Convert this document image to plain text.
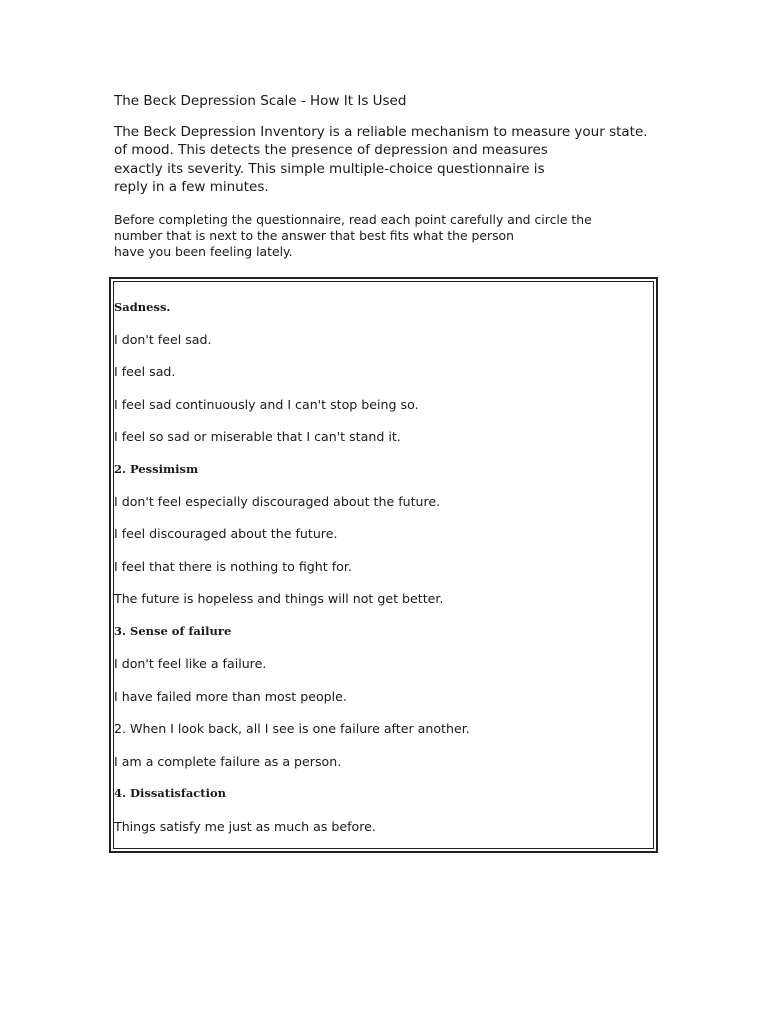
The Beck Depression Scale - How It Is Used
The Beck Depression Inventory is a reliable mechanism to measure your state.
of mood. This detects the presence of depression and measures
exactly its severity. This simple multiple-choice questionnaire is
reply in a few minutes.
Before completing the questionnaire, read each point carefully and circle the
number that is next to the answer that best fits what the person
have you been feeling lately.
Sadness.
I don't feel sad.
I feel sad.
I feel sad continuously and I can't stop being so.
I feel so sad or miserable that I can't stand it.
2. Pessimism
I don't feel especially discouraged about the future.
I feel discouraged about the future.
I feel that there is nothing to fight for.
The future is hopeless and things will not get better.
3. Sense of failure
I don't feel like a failure.
I have failed more than most people.
2. When I look back, all I see is one failure after another.
I am a complete failure as a person.
4. Dissatisfaction
Things satisfy me just as much as before.
